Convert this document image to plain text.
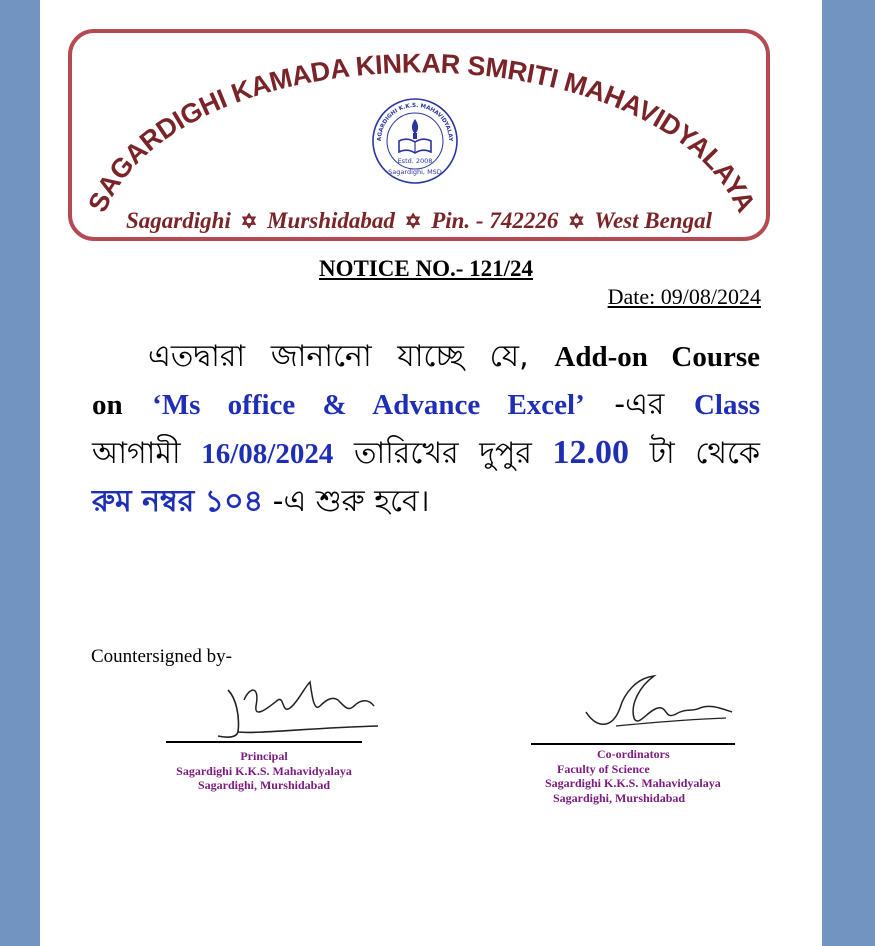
SAGARDIGHI KAMADA KINKAR SMRITI MAHAVIDYALAYA
AGARDIGHI K.K.S. MAHAVIDYALAY
Estd. 2008
Sagardighi, MSD
Sagardighi ✡ Murshidabad ✡ Pin. - 742226 ✡ West Bengal
NOTICE NO.- 121/24
Date: 09/08/2024
এতদ্বারা জানানো যাচ্ছে যে, Add-on Course
on ‘Ms office & Advance Excel’ -এর Class
আগামী 16/08/2024 তারিখের দুপুর 12.00 টা থেকে
রুম নম্বর ১০৪ -এ শুরু হবে।
Countersigned by-
Principal
Sagardighi K.K.S. Mahavidyalaya
Sagardighi, Murshidabad
Co-ordinators
Faculty of Science
Sagardighi K.K.S. Mahavidyalaya
Sagardighi, Murshidabad
